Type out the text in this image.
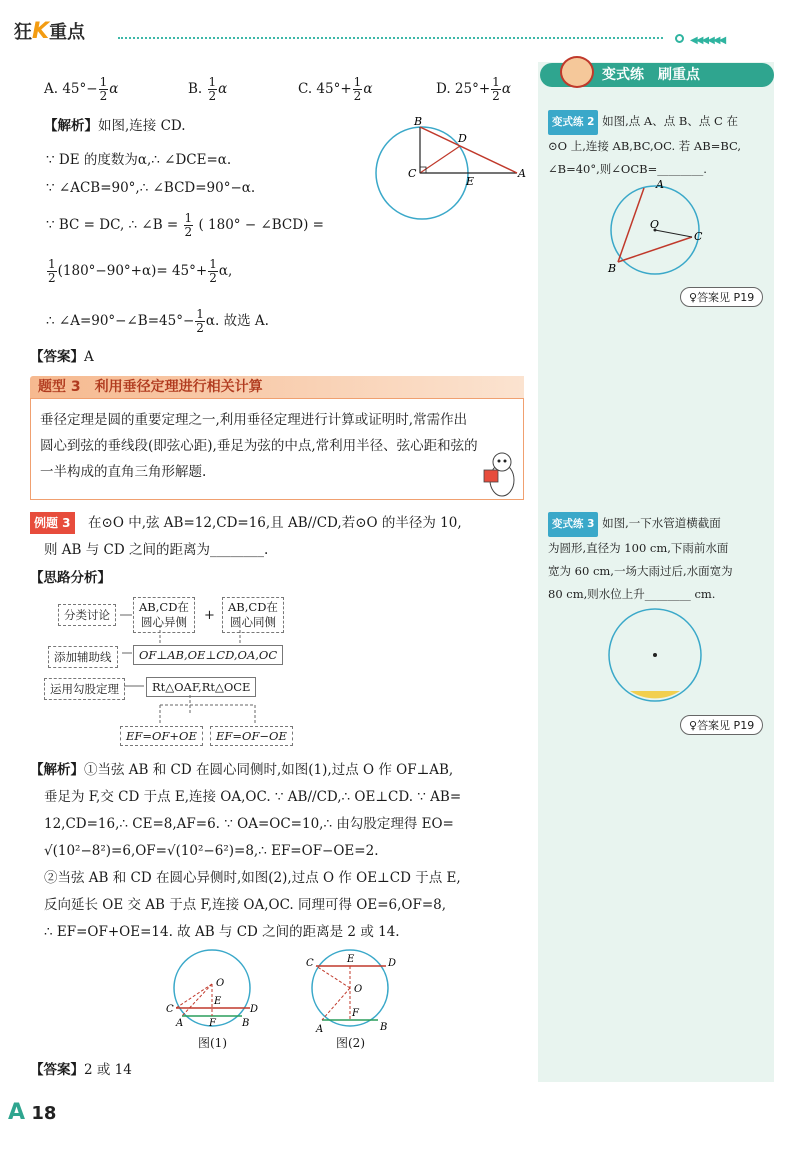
狂K重点	◀◀◀◀◀◀
变式练　刷重点
变式练 2 如图,点 A、点 B、点 C 在
⊙O 上,连接 AB,BC,OC. 若 AB=BC,
∠B=40°,则∠OCB=________.
A
O
C
B
♀答案见 P19
变式练 3 如图,一下水管道横截面
为圆形,直径为 100 cm,下雨前水面
宽为 60 cm,一场大雨过后,水面宽为
80 cm,则水位上升________ cm.
♀答案见 P19
A. $45^\circ- \frac{1}{2}$ α	B. $\frac{1}{2}$ α	C. $45^\circ+ \frac{1}{2}$ α	D. $25^\circ+ \frac{1}{2}$ α
【解析】如图,连接 CD.
∵ DE 的度数为α,∴ ∠DCE=α.
∵ ∠ACB=90°,∴ ∠BCD=90°−α.
∵ BC = DC, ∴ ∠B = $\frac{1}{2}$ ( 180° − ∠BCD) =
$\frac{1}{2} (180^\circ-90^\circ+\alpha)= 45^\circ+ \frac{1}{2} \alpha$,
∴ ∠A=90°−∠B=45°− $\frac{1}{2} \alpha$. 故选 A.
B
D
C
E
A
【答案】A
题型 3　利用垂径定理进行相关计算
垂径定理是圆的重要定理之一,利用垂径定理进行计算或证明时,常需作出圆心到弦的垂线段(即弦心距),垂足为弦的中点,常利用半径、弦心距和弦的一半构成的直角三角形解题.
例题 3　 在⊙O 中,弦 AB=12,CD=16,且 AB//CD,若⊙O 的半径为 10,
则 AB 与 CD 之间的距离为________.
【思路分析】
分类讨论
AB,CD在
圆心异侧 +
AB,CD在
圆心同侧
添加辅助线	OF⊥AB,OE⊥CD,OA,OC
运用勾股定理	Rt△OAF,Rt△OCE
EF=OF+OE	EF=OF−OE
【解析】①当弦 AB 和 CD 在圆心同侧时,如图(1),过点 O 作 OF⊥AB,
垂足为 F,交 CD 于点 E,连接 OA,OC. ∵ AB//CD,∴ OE⊥CD. ∵ AB=
12,CD=16,∴ CE=8,AF=6. ∵ OA=OC=10,∴ 由勾股定理得 EO=
√(10²−8²)=6,OF=√(10²−6²)=8,∴ EF=OF−OE=2.
②当弦 AB 和 CD 在圆心异侧时,如图(2),过点 O 作 OE⊥CD 于点 E,
反向延长 OE 交 AB 于点 F,连接 OA,OC. 同理可得 OE=6,OF=8,
∴ EF=OF+OE=14. 故 AB 与 CD 之间的距离是 2 或 14.
O
E
C	D
A	F	B
图(1)
E
C	D
O
F
A	B
图(2)
【答案】2 或 14
A 18
